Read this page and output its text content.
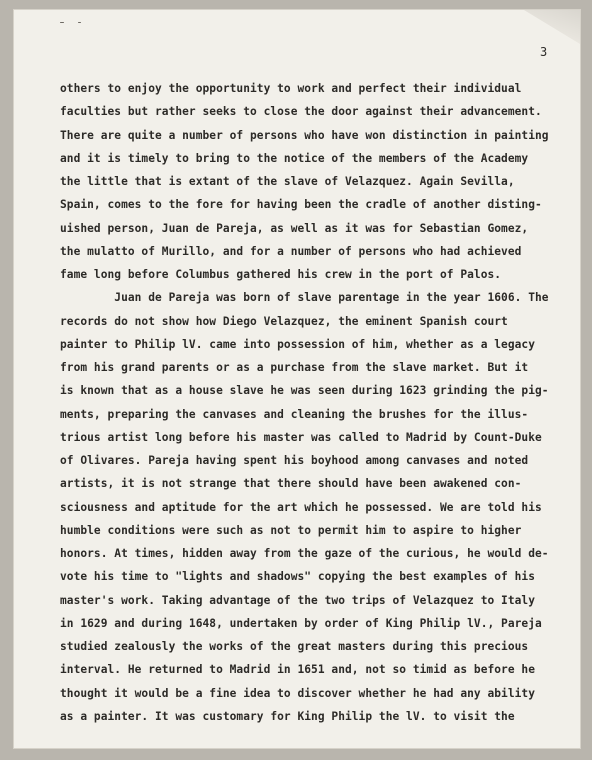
3
others to enjoy the opportunity to work and perfect their individual
faculties but rather seeks to close the door against their advancement.
There are quite a number of persons who have won distinction in painting
and it is timely to bring to the notice of the members of the Academy
the little that is extant of the slave of Velazquez. Again Sevilla,
Spain, comes to the fore for having been the cradle of another disting-
uished person, Juan de Pareja, as well as it was for Sebastian Gomez,
the mulatto of Murillo, and for a number of persons who had achieved
fame long before Columbus gathered his crew in the port of Palos.
Juan de Pareja was born of slave parentage in the year 1606. The
records do not show how Diego Velazquez, the eminent Spanish court
painter to Philip lV. came into possession of him, whether as a legacy
from his grand parents or as a purchase from the slave market. But it
is known that as a house slave he was seen during 1623 grinding the pig-
ments, preparing the canvases and cleaning the brushes for the illus-
trious artist long before his master was called to Madrid by Count-Duke
of Olivares. Pareja having spent his boyhood among canvases and noted
artists, it is not strange that there should have been awakened con-
sciousness and aptitude for the art which he possessed. We are told his
humble conditions were such as not to permit him to aspire to higher
honors. At times, hidden away from the gaze of the curious, he would de-
vote his time to "lights and shadows" copying the best examples of his
master's work. Taking advantage of the two trips of Velazquez to Italy
in 1629 and during 1648, undertaken by order of King Philip lV., Pareja
studied zealously the works of the great masters during this precious
interval. He returned to Madrid in 1651 and, not so timid as before he
thought it would be a fine idea to discover whether he had any ability
as a painter. It was customary for King Philip the lV. to visit the
